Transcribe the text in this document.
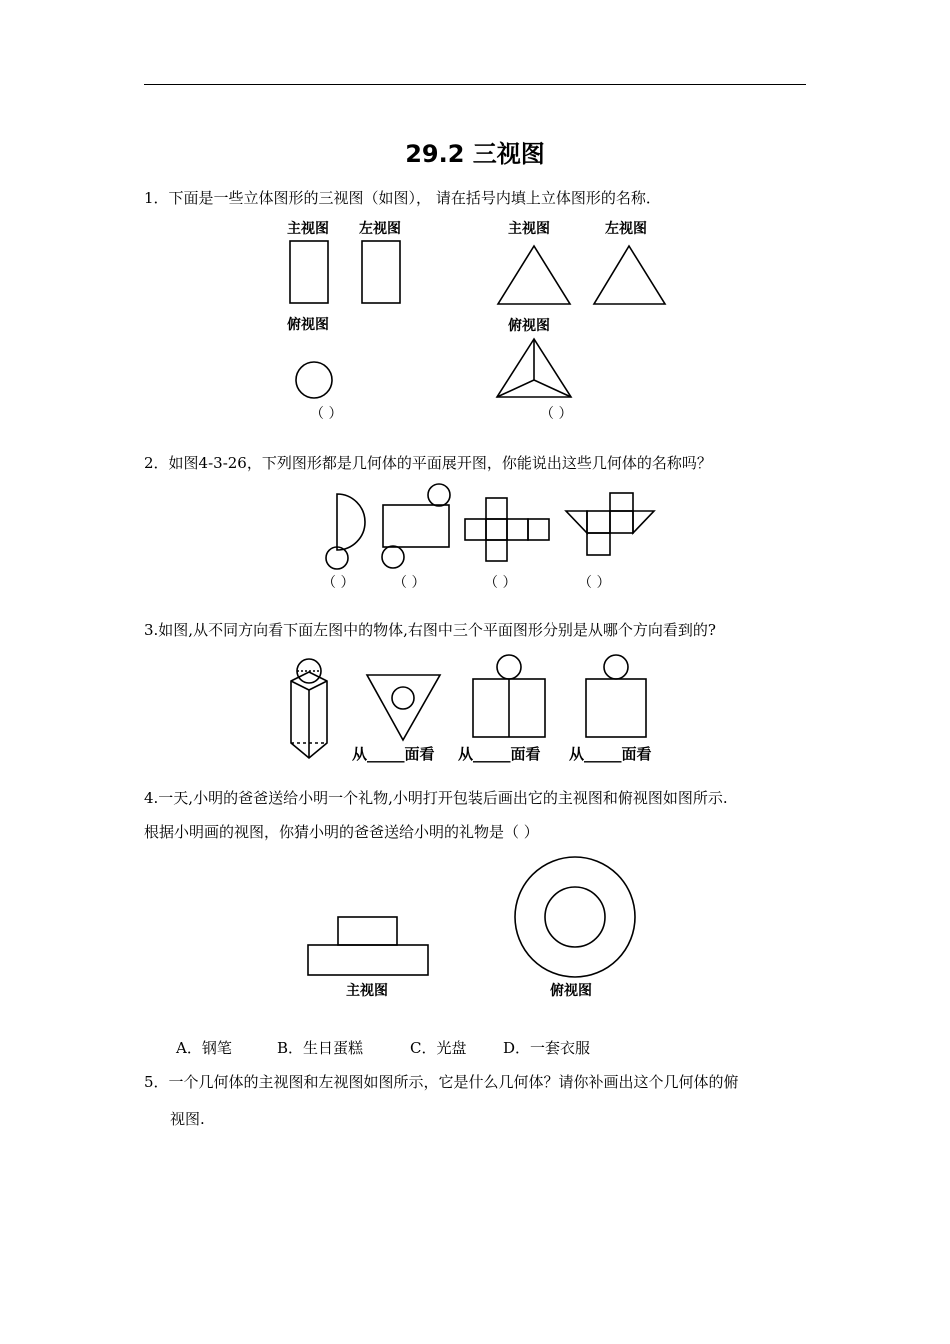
29.2 三视图
1．下面是一些立体图形的三视图（如图）， 请在括号内填上立体图形的名称．
主视图 左视图
俯视图
主视图	左视图
俯视图
（ ）	（ ）
2．如图4-3-26，下列图形都是几何体的平面展开图，你能说出这些几何体的名称吗？
（ ）	（ ）	（ ）	（ ）
3.如图,从不同方向看下面左图中的物体,右图中三个平面图形分别是从哪个方向看到的?
从_____面看 从_____面看 从_____面看
4.一天,小明的爸爸送给小明一个礼物,小明打开包装后画出它的主视图和俯视图如图所示.
根据小明画的视图，你猜小明的爸爸送给小明的礼物是（ ）
主视图	俯视图
A．钢笔	B．生日蛋糕	C．光盘 D．一套衣服
5．一个几何体的主视图和左视图如图所示，它是什么几何体？请你补画出这个几何体的俯
视图.
